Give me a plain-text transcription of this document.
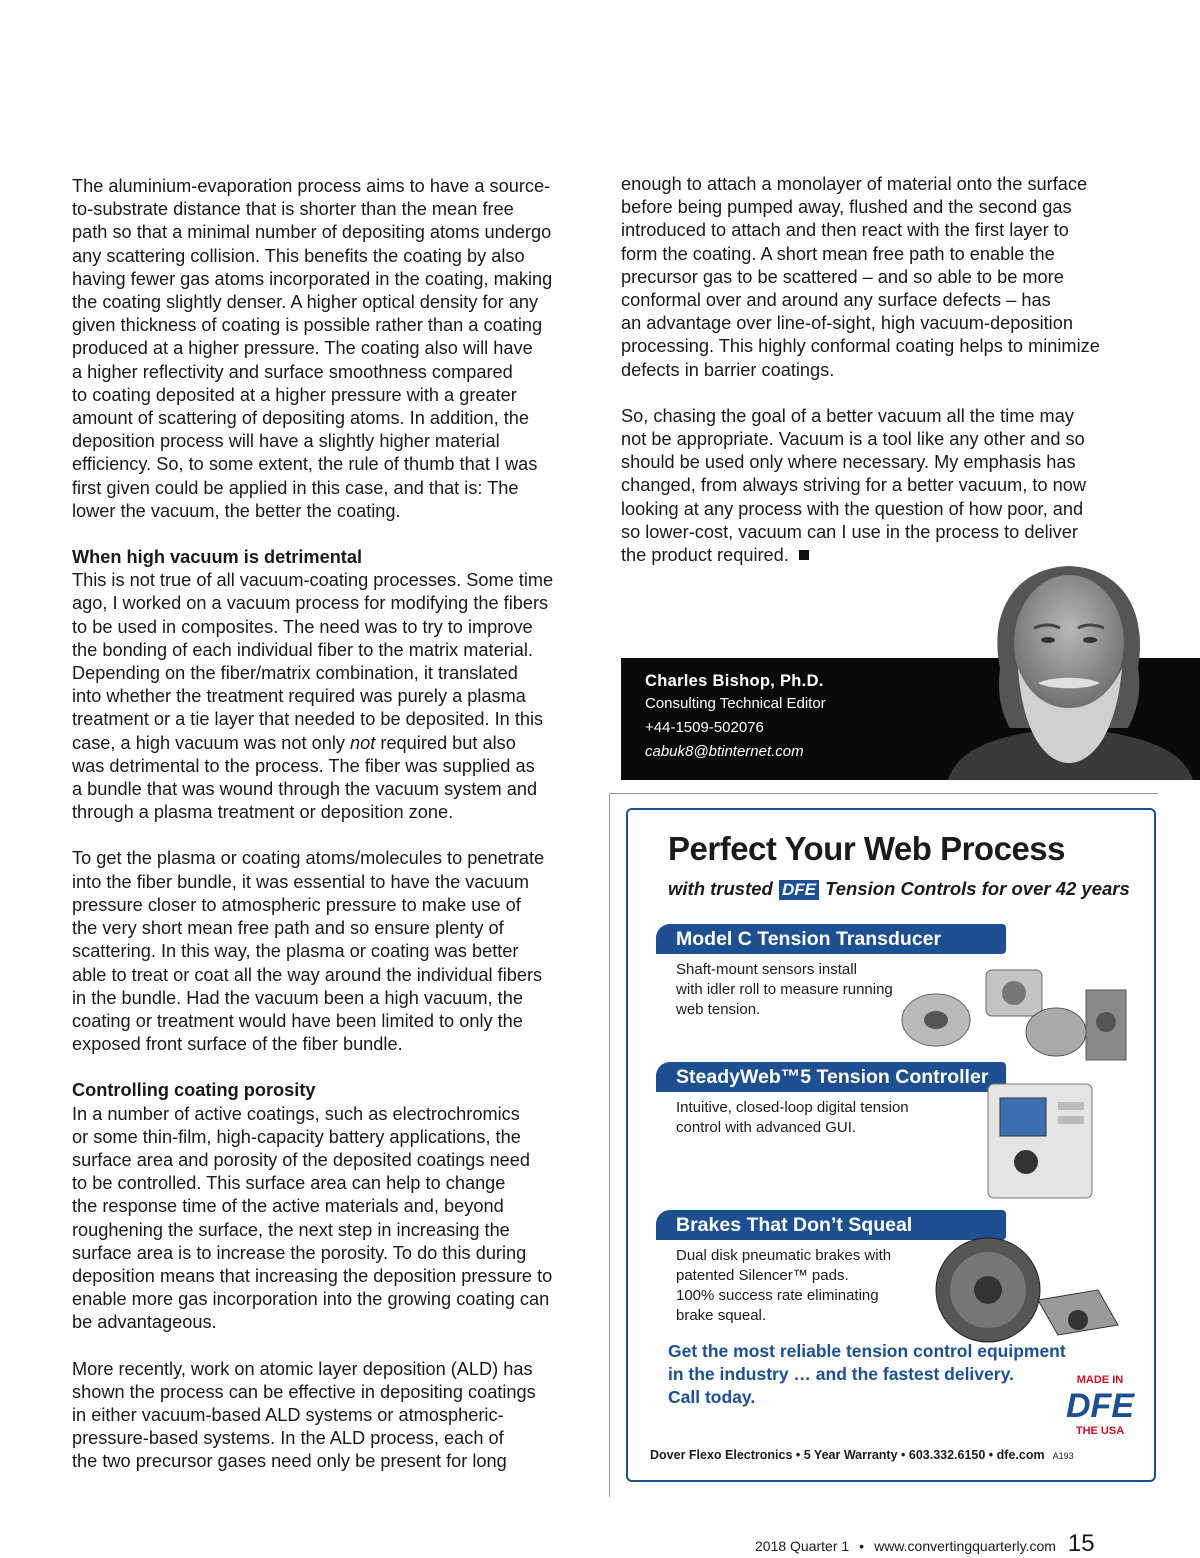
The aluminium-evaporation process aims to have a source-
to-substrate distance that is shorter than the mean free
path so that a minimal number of depositing atoms undergo
any scattering collision. This benefits the coating by also
having fewer gas atoms incorporated in the coating, making
the coating slightly denser. A higher optical density for any
given thickness of coating is possible rather than a coating
produced at a higher pressure. The coating also will have
a higher reflectivity and surface smoothness compared
to coating deposited at a higher pressure with a greater
amount of scattering of depositing atoms. In addition, the
deposition process will have a slightly higher material
efficiency. So, to some extent, the rule of thumb that I was
first given could be applied in this case, and that is: The
lower the vacuum, the better the coating.

When high vacuum is detrimental

This is not true of all vacuum-coating processes. Some time
ago, I worked on a vacuum process for modifying the fibers
to be used in composites. The need was to try to improve
the bonding of each individual fiber to the matrix material.
Depending on the fiber/matrix combination, it translated
into whether the treatment required was purely a plasma
treatment or a tie layer that needed to be deposited. In this
case, a high vacuum was not only not required but also
was detrimental to the process. The fiber was supplied as
a bundle that was wound through the vacuum system and
through a plasma treatment or deposition zone.

To get the plasma or coating atoms/molecules to penetrate
into the fiber bundle, it was essential to have the vacuum
pressure closer to atmospheric pressure to make use of
the very short mean free path and so ensure plenty of
scattering. In this way, the plasma or coating was better
able to treat or coat all the way around the individual fibers
in the bundle. Had the vacuum been a high vacuum, the
coating or treatment would have been limited to only the
exposed front surface of the fiber bundle.

Controlling coating porosity

In a number of active coatings, such as electrochromics
or some thin-film, high-capacity battery applications, the
surface area and porosity of the deposited coatings need
to be controlled. This surface area can help to change
the response time of the active materials and, beyond
roughening the surface, the next step in increasing the
surface area is to increase the porosity. To do this during
deposition means that increasing the deposition pressure to
enable more gas incorporation into the growing coating can
be advantageous.

More recently, work on atomic layer deposition (ALD) has
shown the process can be effective in depositing coatings
in either vacuum-based ALD systems or atmospheric-
pressure-based systems. In the ALD process, each of
the two precursor gases need only be present for long

enough to attach a monolayer of material onto the surface
before being pumped away, flushed and the second gas
introduced to attach and then react with the first layer to
form the coating. A short mean free path to enable the
precursor gas to be scattered – and so able to be more
conformal over and around any surface defects – has
an advantage over line-of-sight, high vacuum-deposition
processing. This highly conformal coating helps to minimize
defects in barrier coatings.

So, chasing the goal of a better vacuum all the time may
not be appropriate. Vacuum is a tool like any other and so
should be used only where necessary. My emphasis has
changed, from always striving for a better vacuum, to now
looking at any process with the question of how poor, and
so lower-cost, vacuum can I use in the process to deliver
the product required.

Charles Bishop, Ph.D.
Consulting Technical Editor
+44-1509-502076
cabuk8@btinternet.com
Perfect Your Web Process
with trusted DFE Tension Controls for over 42 years
Model C Tension Transducer
Shaft-mount sensors install
with idler roll to measure running
web tension.
SteadyWeb™5 Tension Controller
Intuitive, closed-loop digital tension
control with advanced GUI.
Brakes That Don’t Squeal
Dual disk pneumatic brakes with
patented Silencer™ pads.
100% success rate eliminating
brake squeal.
Get the most reliable tension control equipment
in the industry … and the fastest delivery.
Call today.
MADE IN
DFE
THE USA
Dover Flexo Electronics • 5 Year Warranty • 603.332.6150 • dfe.com A193
2018 Quarter 1 • www.convertingquarterly.com 15
